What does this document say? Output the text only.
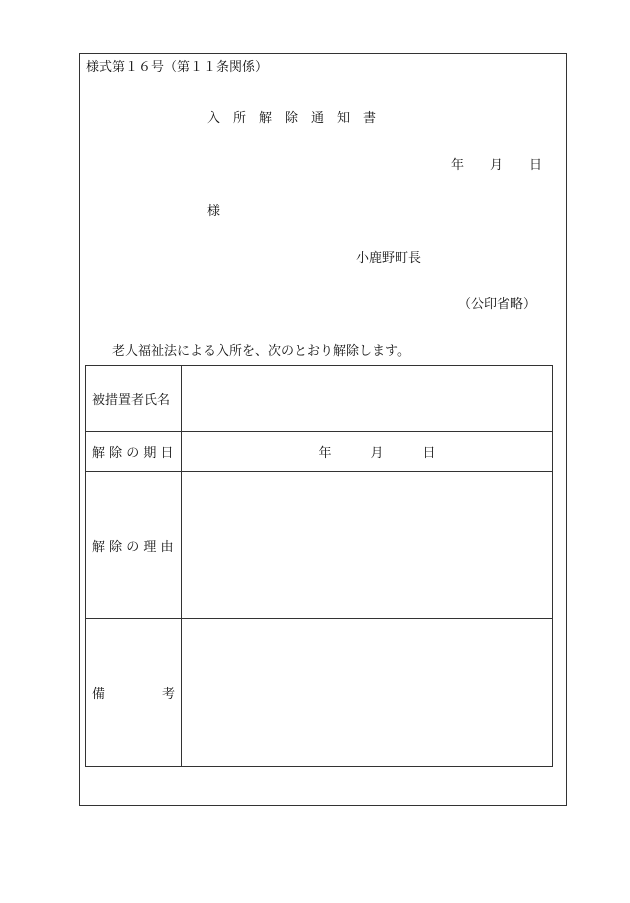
様式第１６号（第１１条関係）
入　所　解　除　通　知　書
年　　月　　日
様
小鹿野町長
（公印省略）
老人福祉法による入所を、次のとおり解除します。
被措置者氏名	
解 除 の 期 日	年　　　月　　　日

解 除 の 理 由	

備 考	
